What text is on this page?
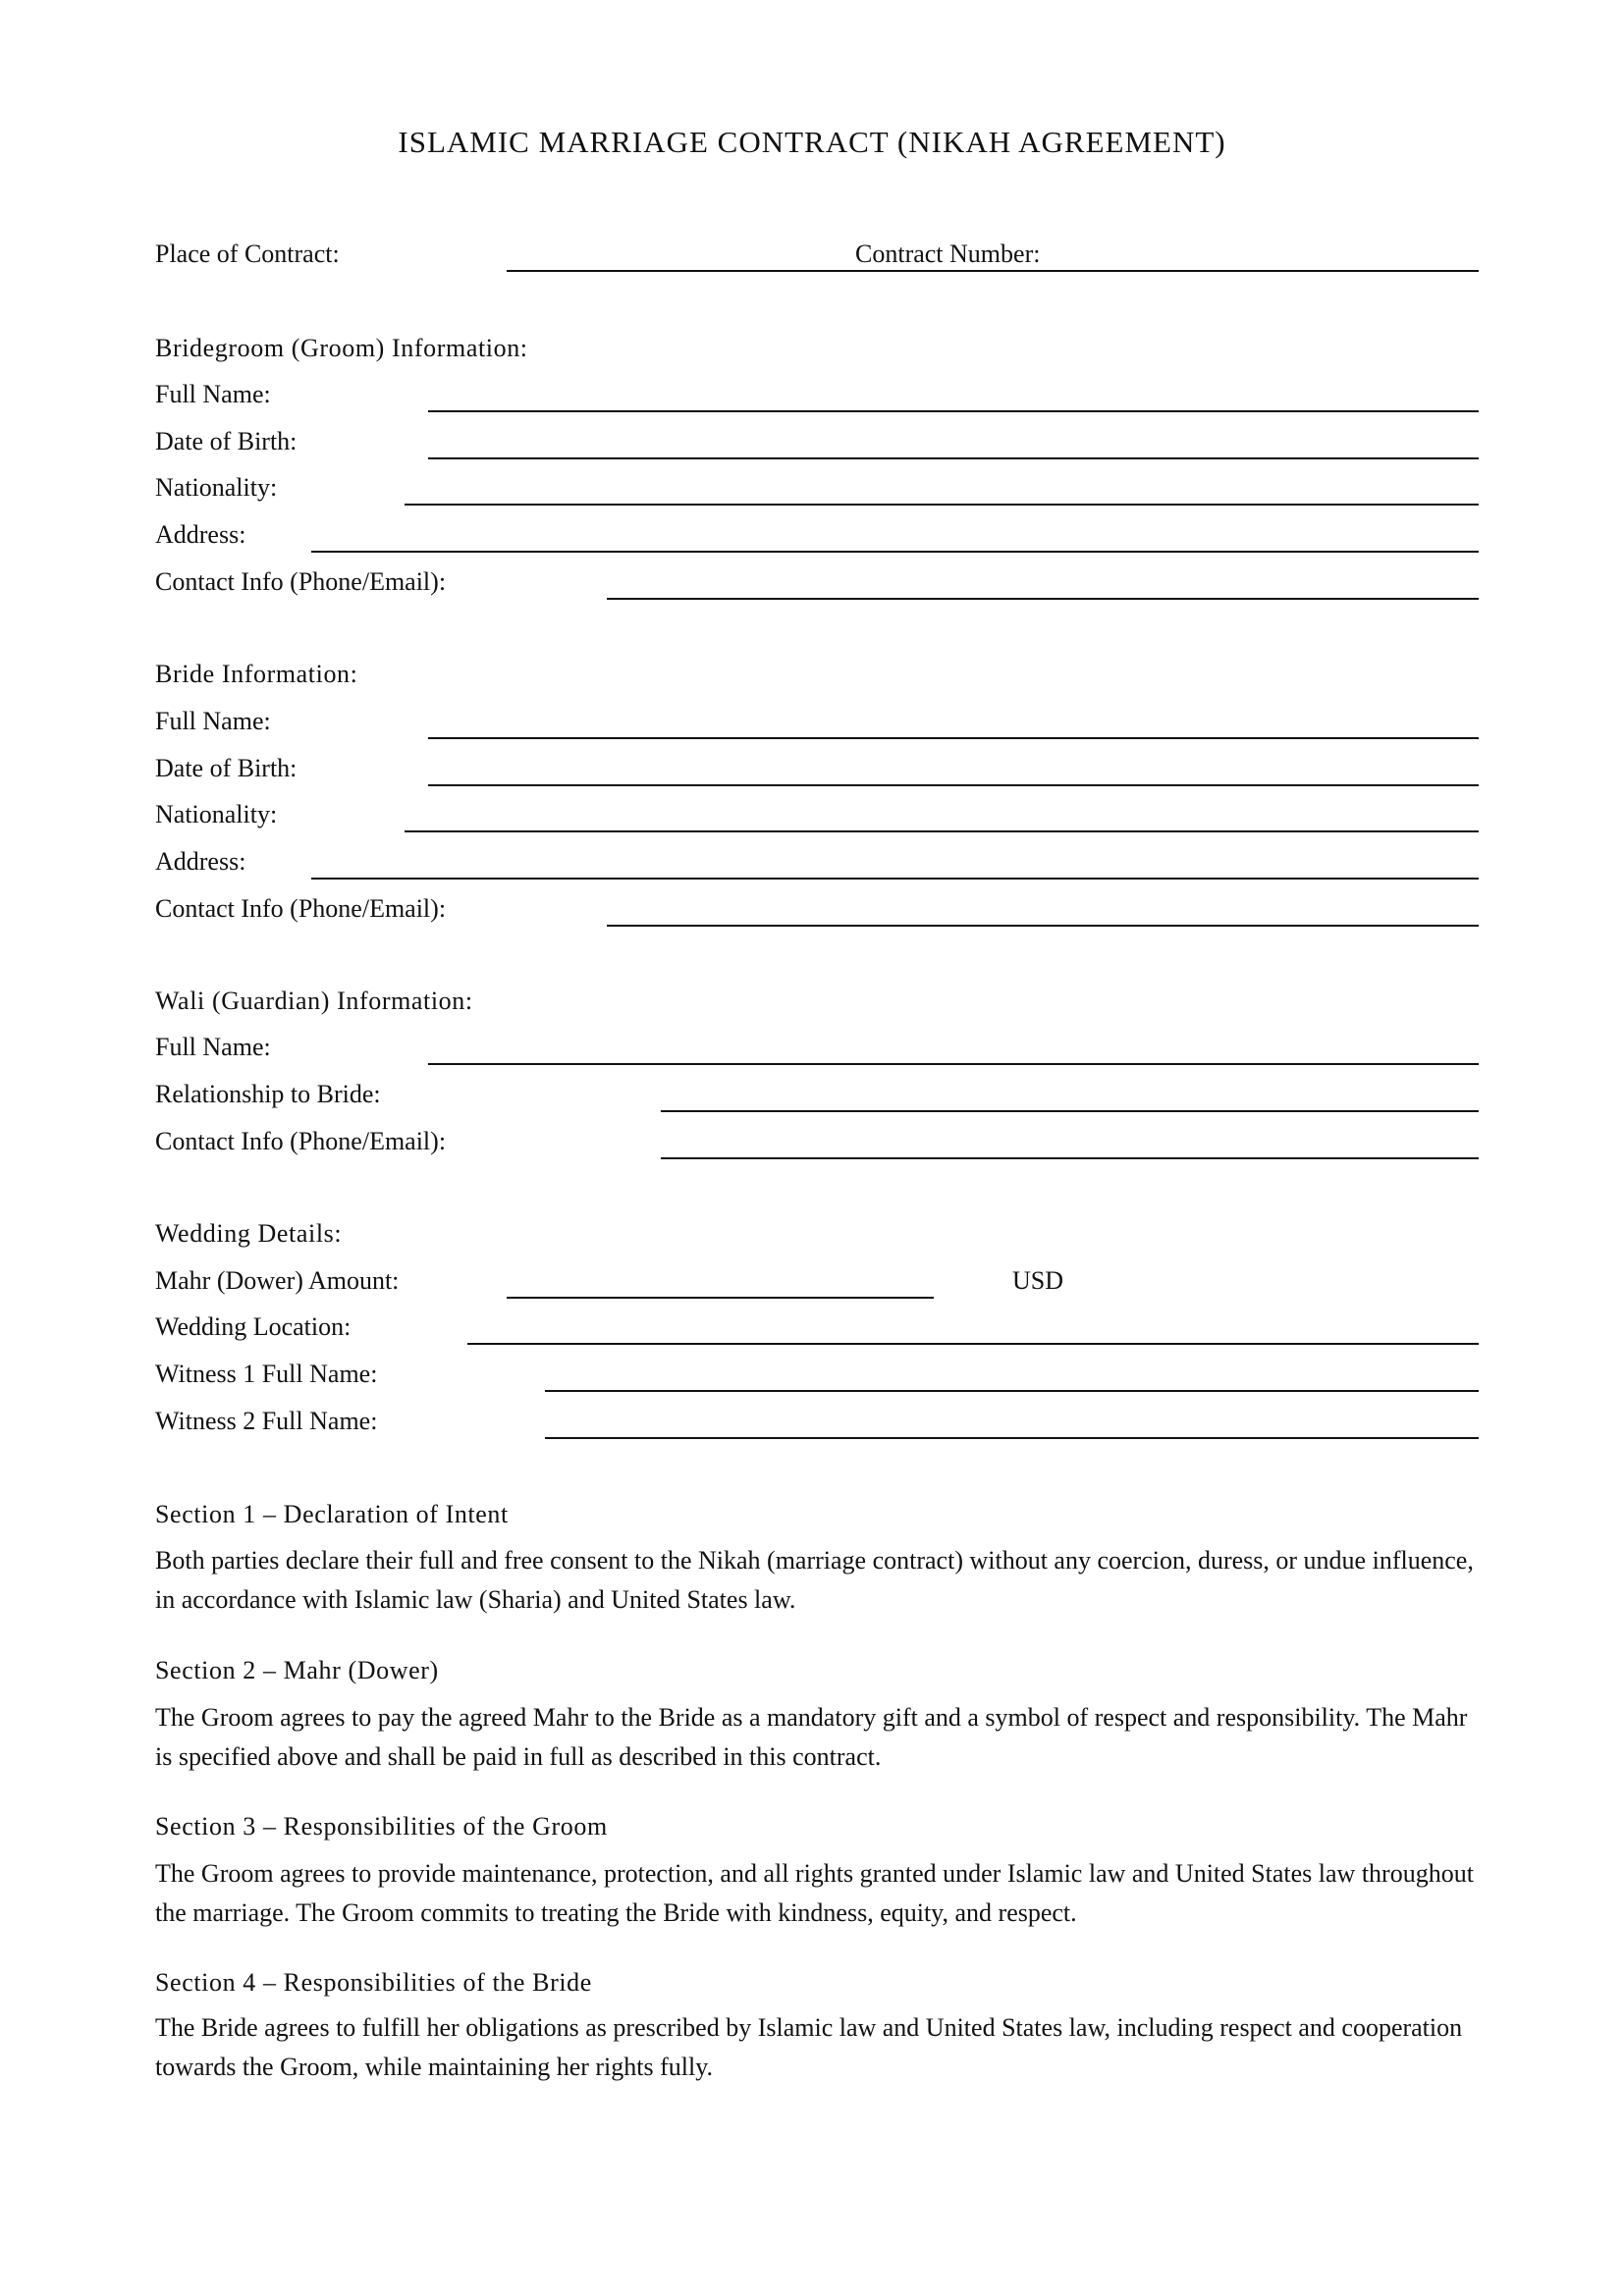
ISLAMIC MARRIAGE CONTRACT (NIKAH AGREEMENT)
Place of Contract:	Contract Number:
Bridegroom (Groom) Information:
Full Name:
Date of Birth:
Nationality:
Address:
Contact Info (Phone/Email):
Bride Information:
Full Name:
Date of Birth:
Nationality:
Address:
Contact Info (Phone/Email):
Wali (Guardian) Information:
Full Name:
Relationship to Bride:
Contact Info (Phone/Email):
Wedding Details:
Mahr (Dower) Amount:	USD
Wedding Location:
Witness 1 Full Name:
Witness 2 Full Name:
Section 1 – Declaration of Intent
Both parties declare their full and free consent to the Nikah (marriage contract) without any coercion, duress, or undue influence, in accordance with Islamic law (Sharia) and United States law.
Section 2 – Mahr (Dower)
The Groom agrees to pay the agreed Mahr to the Bride as a mandatory gift and a symbol of respect and responsibility. The Mahr is specified above and shall be paid in full as described in this contract.
Section 3 – Responsibilities of the Groom
The Groom agrees to provide maintenance, protection, and all rights granted under Islamic law and United States law throughout the marriage. The Groom commits to treating the Bride with kindness, equity, and respect.
Section 4 – Responsibilities of the Bride
The Bride agrees to fulfill her obligations as prescribed by Islamic law and United States law, including respect and cooperation towards the Groom, while maintaining her rights fully.
